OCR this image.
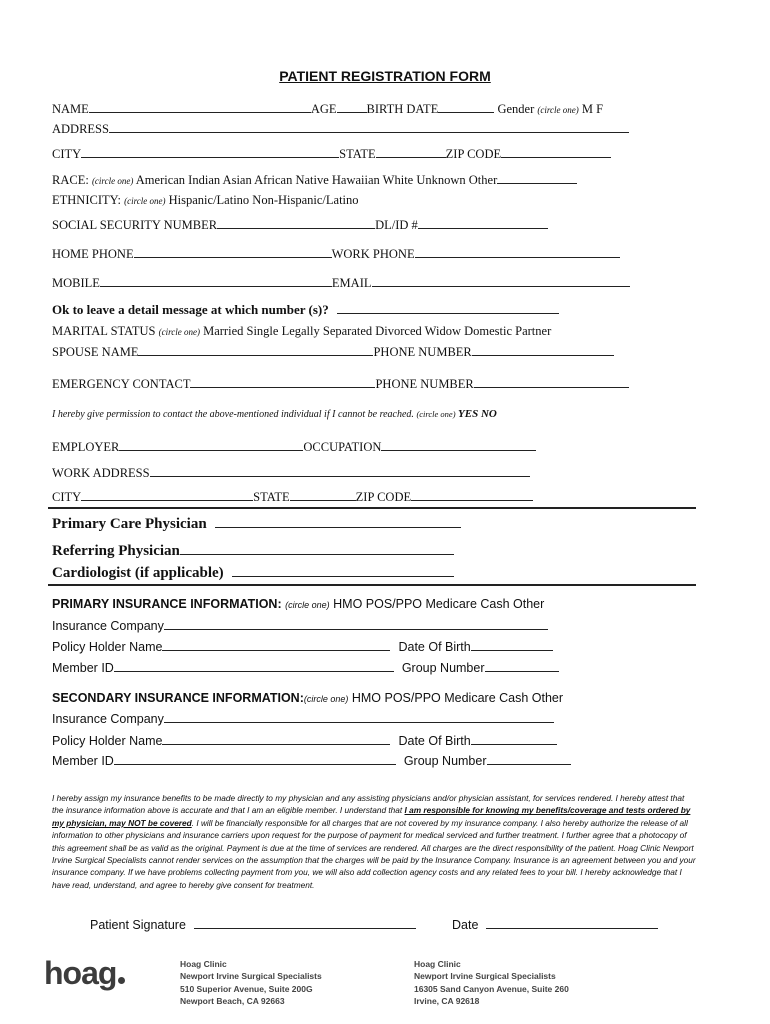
PATIENT REGISTRATION FORM
NAME	AGE BIRTH DATE	Gender (circle one) M F
ADDRESS
CITY	STATE	ZIP CODE
RACE: (circle one) American Indian Asian African Native Hawaiian White Unknown Other
ETHNICITY: (circle one) Hispanic/Latino Non-Hispanic/Latino
SOCIAL SECURITY NUMBER	DL/ID #
HOME PHONE	WORK PHONE
MOBILE	EMAIL
Ok to leave a detail message at which number (s)?
MARITAL STATUS (circle one) Married Single Legally Separated Divorced Widow Domestic Partner
SPOUSE NAME	PHONE NUMBER
EMERGENCY CONTACT	PHONE NUMBER
I hereby give permission to contact the above-mentioned individual if I cannot be reached. (circle one) YES NO
EMPLOYER	OCCUPATION
WORK ADDRESS
CITY	STATE	ZIP CODE
Primary Care Physician
Referring Physician
Cardiologist (if applicable)
PRIMARY INSURANCE INFORMATION: (circle one) HMO POS/PPO Medicare Cash Other
Insurance Company
Policy Holder Name	Date Of Birth
Member ID	Group Number
SECONDARY INSURANCE INFORMATION:(circle one) HMO POS/PPO Medicare Cash Other
Insurance Company
Policy Holder Name	Date Of Birth
Member ID	Group Number
I hereby assign my insurance benefits to be made directly to my physician and any assisting physicians and/or physician assistant, for services rendered. I hereby attest that the insurance information above is accurate and that I am an eligible member. I understand that I am responsible for knowing my benefits/coverage and tests ordered by my physician, may NOT be covered. I will be financially responsible for all charges that are not covered by my insurance company. I also hereby authorize the release of all information to other physicians and insurance carriers upon request for the purpose of payment for medical serviced and further treatment. I further agree that a photocopy of this agreement shall be as valid as the original. Payment is due at the time of services are rendered. All charges are the direct responsibility of the patient. Hoag Clinic Newport Irvine Surgical Specialists cannot render services on the assumption that the charges will be paid by the Insurance Company. Insurance is an agreement between you and your insurance company. If we have problems collecting payment from you, we will also add collection agency costs and any related fees to your bill. I hereby acknowledge that I have read, understand, and agree to hereby give consent for treatment.
Patient Signature	Date
hoag	Hoag Clinic
Newport Irvine Surgical Specialists
510 Superior Avenue, Suite 200G
Newport Beach, CA 92663
Hoag Clinic
Newport Irvine Surgical Specialists
16305 Sand Canyon Avenue, Suite 260
Irvine, CA 92618
